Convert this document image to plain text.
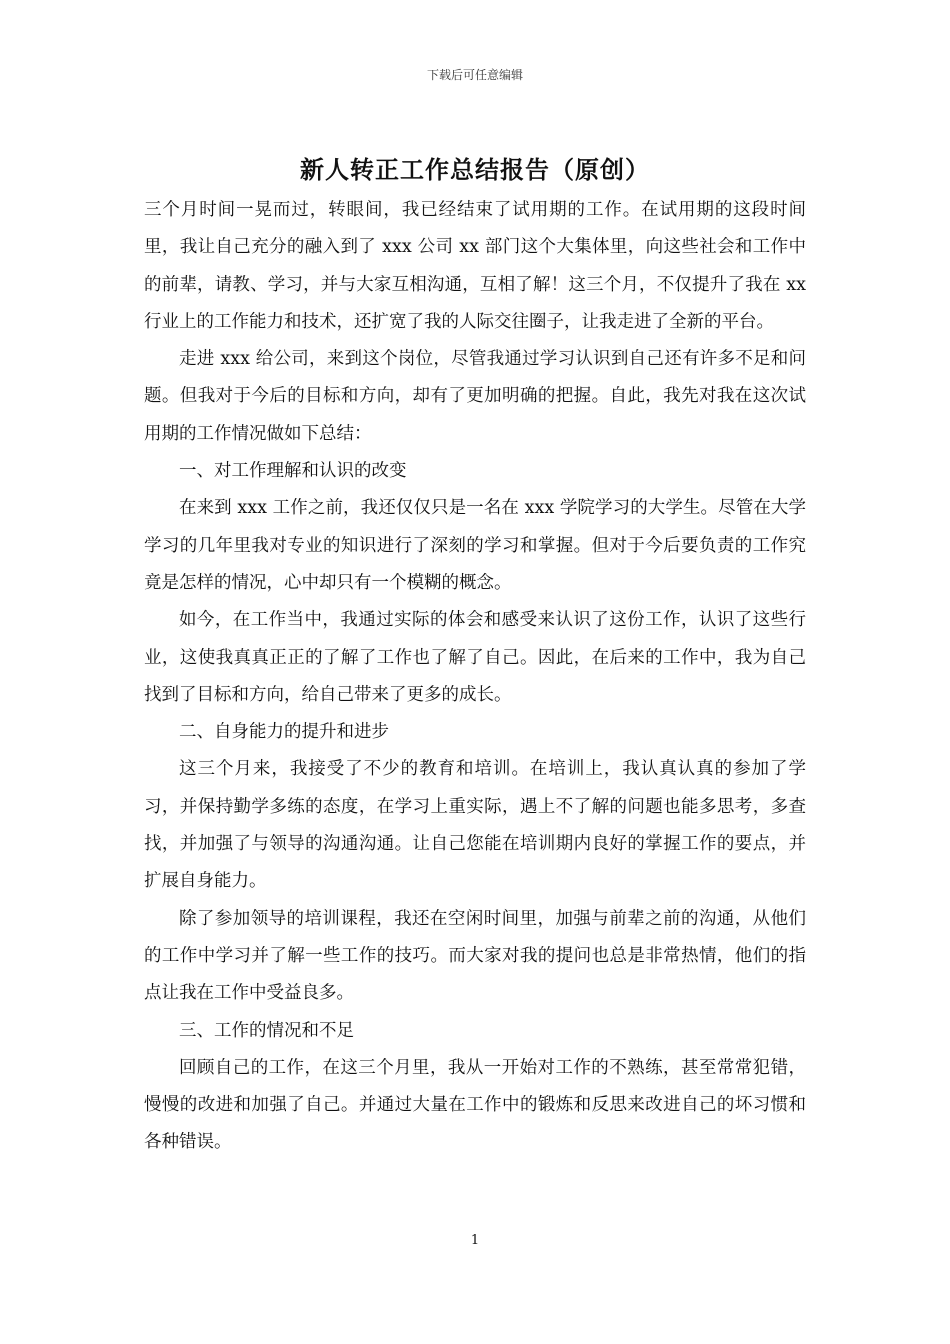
下载后可任意编辑
新人转正工作总结报告（原创）

三个月时间一晃而过，转眼间，我已经结束了试用期的工作。在试用期的这段时间里，我让自己充分的融入到了 xxx 公司 xx 部门这个大集体里，向这些社会和工作中的前辈，请教、学习，并与大家互相沟通，互相了解！这三个月，不仅提升了我在 xx 行业上的工作能力和技术，还扩宽了我的人际交往圈子，让我走进了全新的平台。

走进 xxx 给公司，来到这个岗位，尽管我通过学习认识到自己还有许多不足和问题。但我对于今后的目标和方向，却有了更加明确的把握。自此，我先对我在这次试用期的工作情况做如下总结：

一、对工作理解和认识的改变

在来到 xxx 工作之前，我还仅仅只是一名在 xxx 学院学习的大学生。尽管在大学学习的几年里我对专业的知识进行了深刻的学习和掌握。但对于今后要负责的工作究竟是怎样的情况，心中却只有一个模糊的概念。

如今，在工作当中，我通过实际的体会和感受来认识了这份工作，认识了这些行业，这使我真真正正的了解了工作也了解了自己。因此，在后来的工作中，我为自己找到了目标和方向，给自己带来了更多的成长。

二、自身能力的提升和进步

这三个月来，我接受了不少的教育和培训。在培训上，我认真认真的参加了学习，并保持勤学多练的态度，在学习上重实际，遇上不了解的问题也能多思考，多查找，并加强了与领导的沟通沟通。让自己您能在培训期内良好的掌握工作的要点，并扩展自身能力。

除了参加领导的培训课程，我还在空闲时间里，加强与前辈之前的沟通，从他们的工作中学习并了解一些工作的技巧。而大家对我的提问也总是非常热情，他们的指点让我在工作中受益良多。

三、工作的情况和不足

回顾自己的工作，在这三个月里，我从一开始对工作的不熟练，甚至常常犯错，慢慢的改进和加强了自己。并通过大量在工作中的锻炼和反思来改进自己的坏习惯和各种错误。

1
